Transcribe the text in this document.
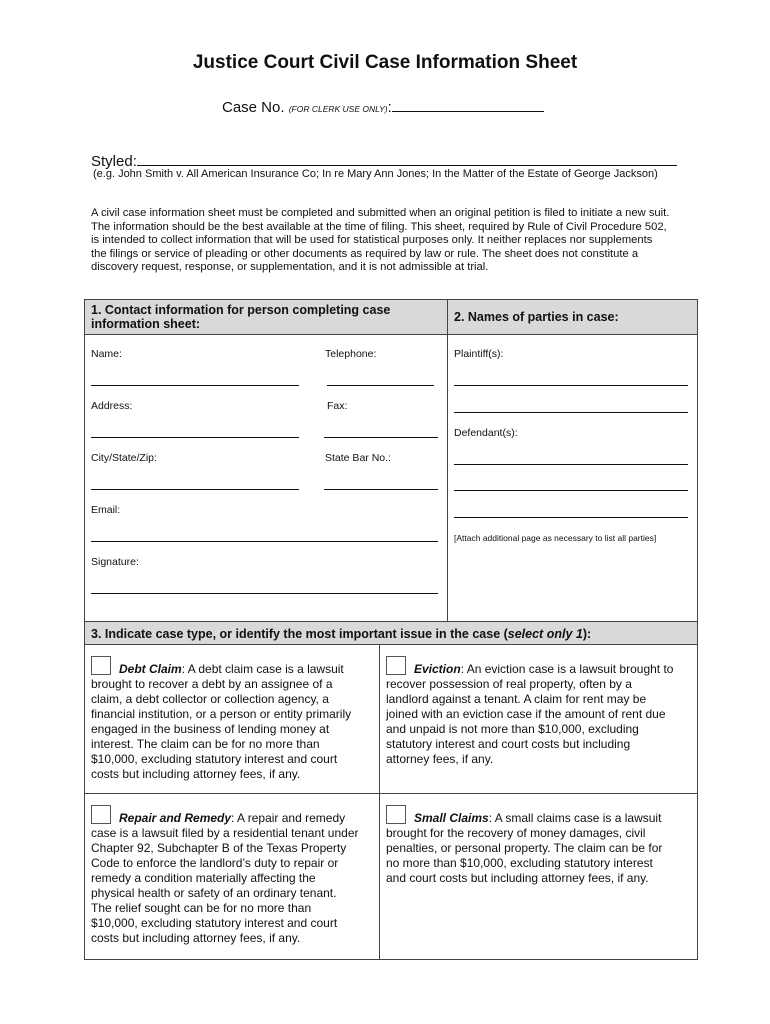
Justice Court Civil Case Information Sheet
Case No. (FOR CLERK USE ONLY):
Styled:
(e.g. John Smith v. All American Insurance Co; In re Mary Ann Jones; In the Matter of the Estate of George Jackson)
A civil case information sheet must be completed and submitted when an original petition is filed to initiate a new suit.
The information should be the best available at the time of filing. This sheet, required by Rule of Civil Procedure 502,
is intended to collect information that will be used for statistical purposes only. It neither replaces nor supplements
the filings or service of pleading or other documents as required by law or rule. The sheet does not constitute a
discovery request, response, or supplementation, and it is not admissible at trial.
1. Contact information for person completing case
information sheet:	2. Names of parties in case:
Name:	Telephone:
Address:	Fax:
City/State/Zip:	State Bar No.:
Email:
Signature:
Plaintiff(s):
Defendant(s):
[Attach additional page as necessary to list all parties]
3. Indicate case type, or identify the most important issue in the case (select only 1):
Debt Claim: A debt claim case is a lawsuit
brought to recover a debt by an assignee of a
claim, a debt collector or collection agency, a
financial institution, or a person or entity primarily
engaged in the business of lending money at
interest. The claim can be for no more than
$10,000, excluding statutory interest and court
costs but including attorney fees, if any.
Eviction: An eviction case is a lawsuit brought to
recover possession of real property, often by a
landlord against a tenant. A claim for rent may be
joined with an eviction case if the amount of rent due
and unpaid is not more than $10,000, excluding
statutory interest and court costs but including
attorney fees, if any.
Repair and Remedy: A repair and remedy
case is a lawsuit filed by a residential tenant under
Chapter 92, Subchapter B of the Texas Property
Code to enforce the landlord’s duty to repair or
remedy a condition materially affecting the
physical health or safety of an ordinary tenant.
The relief sought can be for no more than
$10,000, excluding statutory interest and court
costs but including attorney fees, if any.
Small Claims: A small claims case is a lawsuit
brought for the recovery of money damages, civil
penalties, or personal property. The claim can be for
no more than $10,000, excluding statutory interest
and court costs but including attorney fees, if any.
